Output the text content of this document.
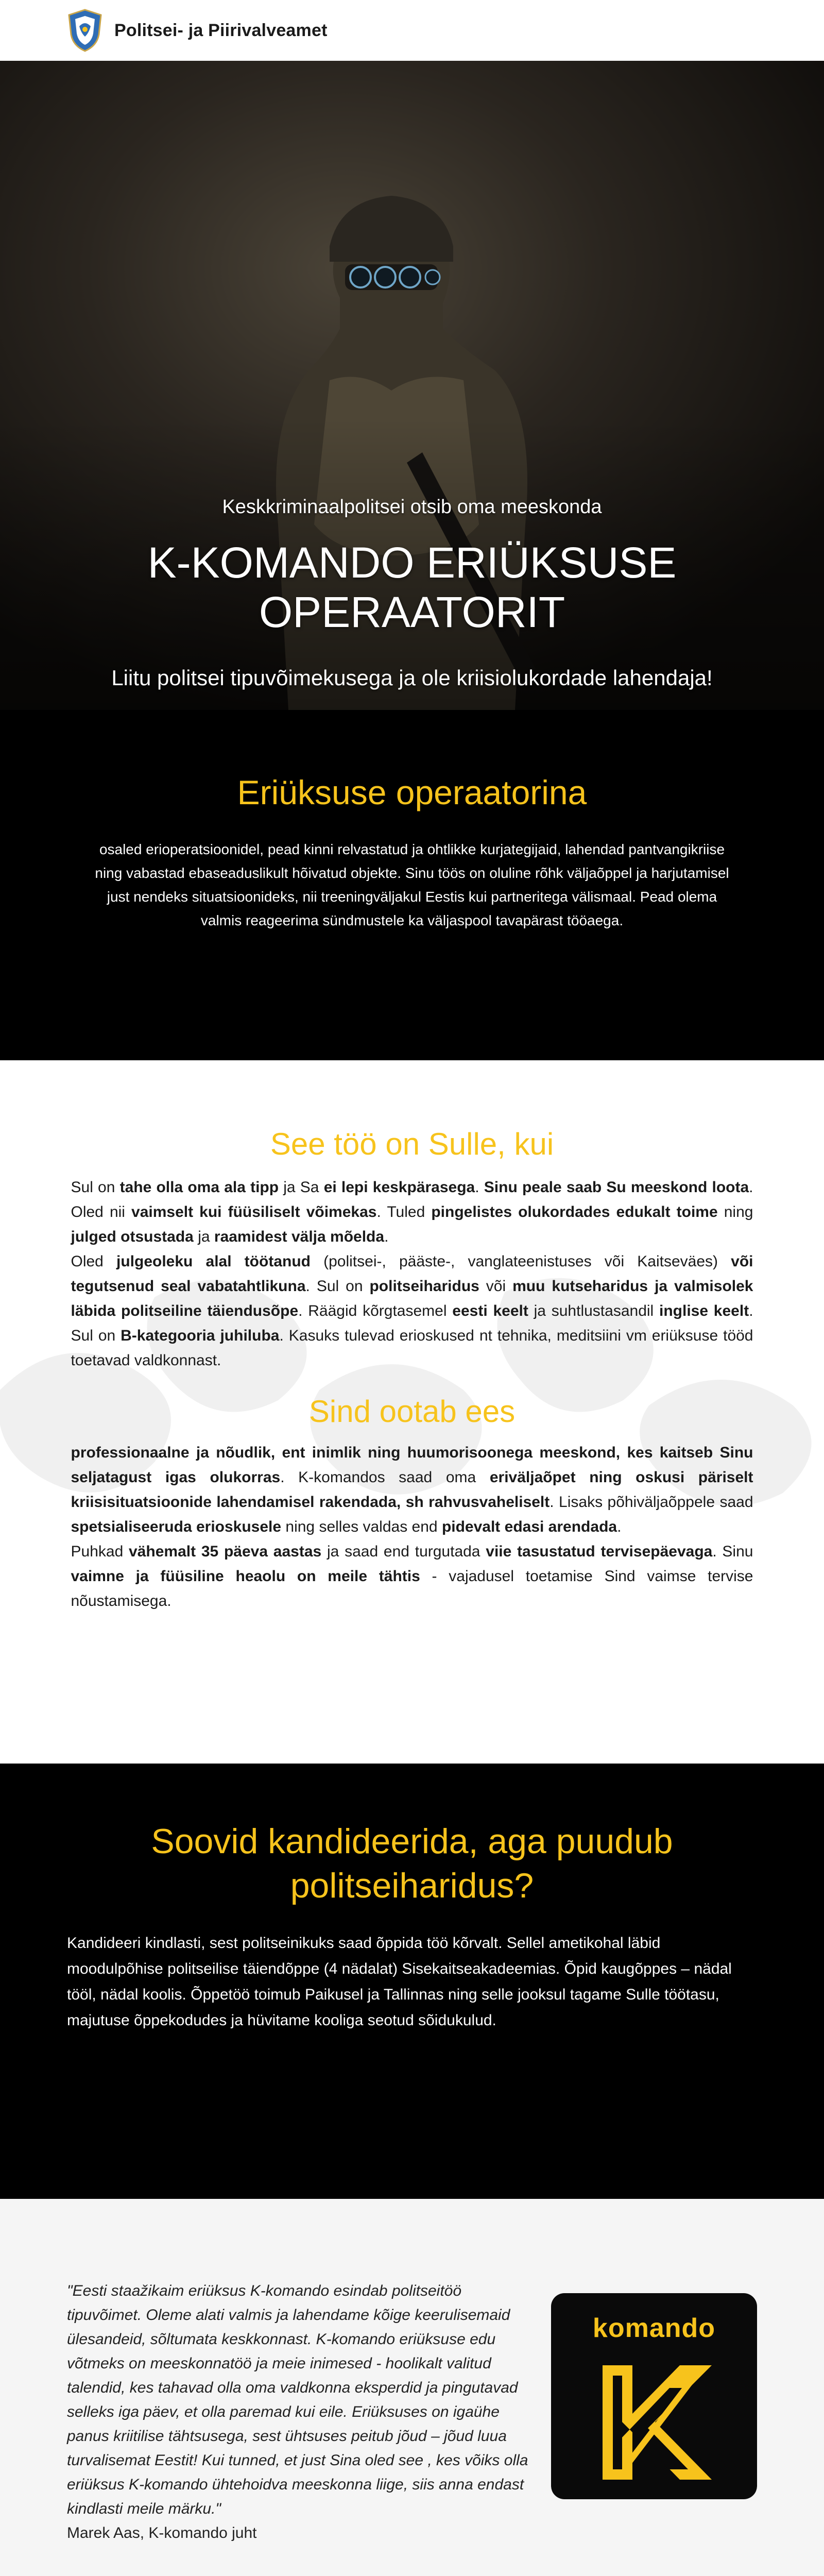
Politsei- ja Piirivalveamet
Keskkriminaalpolitsei otsib oma meeskonda
K-KOMANDO ERIÜKSUSE
OPERAATORIT
Liitu politsei tipuvõimekusega ja ole kriisiolukordade lahendaja!
Eriüksuse operaatorina

osaled erioperatsioonidel, pead kinni relvastatud ja ohtlikke kurjategijaid, lahendad pantvangikriise ning vabastad ebaseaduslikult hõivatud objekte. Sinu töös on oluline rõhk väljaõppel ja harjutamisel just nendeks situatsioonideks, nii treeningväljakul Eestis kui partneritega välismaal. Pead olema valmis reageerima sündmustele ka väljaspool tavapärast tööaega.

See töö on Sulle, kui

Sul on tahe olla oma ala tipp ja Sa ei lepi keskpärasega. Sinu peale saab Su meeskond loota. Oled nii vaimselt kui füüsiliselt võimekas. Tuled pingelistes olukordades edukalt toime ning julged otsustada ja raamidest välja mõelda.

Oled julgeoleku alal töötanud (politsei-, pääste-, vanglateenistuses või Kaitseväes) või tegutsenud seal vabatahtlikuna. Sul on politseiharidus või muu kutseharidus ja valmisolek läbida politseiline täiendusõpe. Räägid kõrgtasemel eesti keelt ja suhtlustasandil inglise keelt. Sul on B-kategooria juhiluba. Kasuks tulevad erioskused nt tehnika, meditsiini vm eriüksuse tööd toetavad valdkonnast.

Sind ootab ees

professionaalne ja nõudlik, ent inimlik ning huumorisoonega meeskond, kes kaitseb Sinu seljatagust igas olukorras. K-komandos saad oma eriväljaõpet ning oskusi päriselt kriisisituatsioonide lahendamisel rakendada, sh rahvusvaheliselt. Lisaks põhiväljaõppele saad spetsialiseeruda erioskusele ning selles valdas end pidevalt edasi arendada.

Puhkad vähemalt 35 päeva aastas ja saad end turgutada viie tasustatud tervisepäevaga. Sinu vaimne ja füüsiline heaolu on meile tähtis - vajadusel toetamise Sind vaimse tervise nõustamisega.

Soovid kandideerida, aga puudub
politseiharidus?

Kandideeri kindlasti, sest politseinikuks saad õppida töö kõrvalt. Sellel ametikohal läbid moodulpõhise politseilise täiendõppe (4 nädalat) Sisekaitseakadeemias. Õpid kaugõppes – nädal tööl, nädal koolis. Õppetöö toimub Paikusel ja Tallinnas ning selle jooksul tagame Sulle töötasu, majutuse õppekodudes ja hüvitame kooliga seotud sõidukulud.

"Eesti staažikaim eriüksus K-komando esindab politseitöö tipuvõimet. Oleme alati valmis ja lahendame kõige keerulisemaid ülesandeid, sõltumata keskkonnast. K-komando eriüksuse edu võtmeks on meeskonnatöö ja meie inimesed - hoolikalt valitud talendid, kes tahavad olla oma valdkonna eksperdid ja pingutavad selleks iga päev, et olla paremad kui eile. Eriüksuses on igaühe panus kriitilise tähtsusega, sest ühtsuses peitub jõud – jõud luua turvalisemat Eestit! Kui tunned, et just Sina oled see , kes võiks olla eriüksus K-komando ühtehoidva meeskonna liige, siis anna endast kindlasti meile märku."
Marek Aas, K-komando juht
komando
